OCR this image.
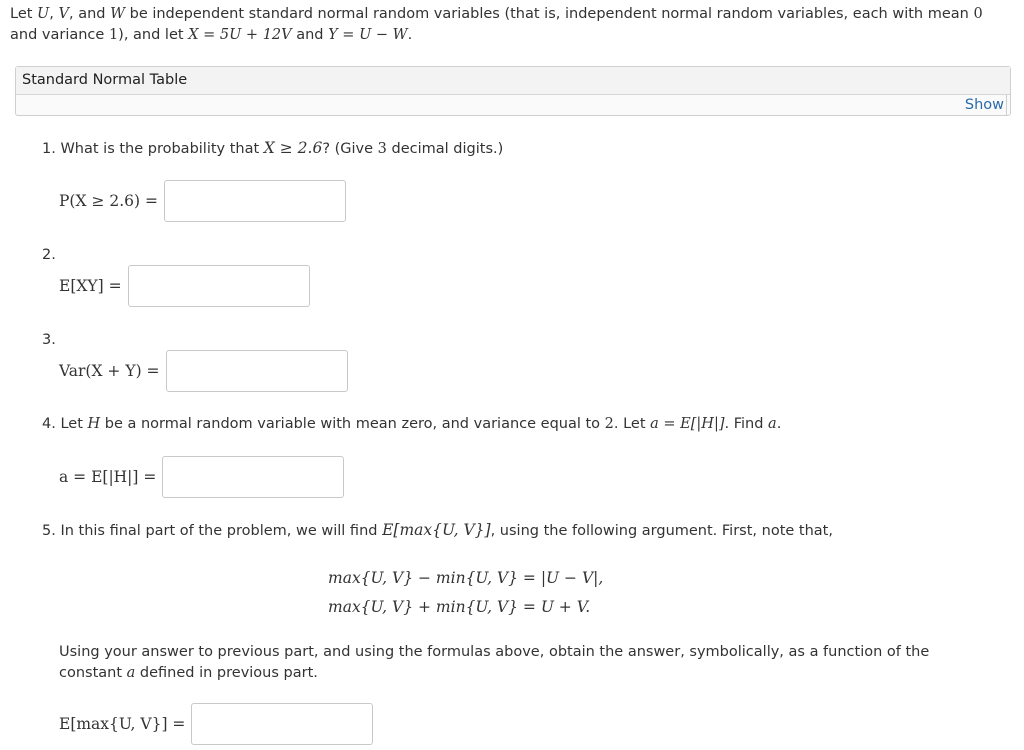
Let U, V, and W be independent standard normal random variables (that is, independent normal random variables, each with mean 0 and variance 1), and let X = 5U + 12V and Y = U − W.
Standard Normal Table
Show
1. What is the probability that X ≥ 2.6? (Give 3 decimal digits.)
P(X ≥ 2.6) =
2.
E[XY] =
3.
Var(X + Y) =
4. Let H be a normal random variable with mean zero, and variance equal to 2. Let a = E[|H|]. Find a.
a = E[|H|] =
5. In this final part of the problem, we will find E[max{U, V}], using the following argument. First, note that,
max{U, V} − min{U, V} = |U − V|,
max{U, V} + min{U, V} = U + V.
Using your answer to previous part, and using the formulas above, obtain the answer, symbolically, as a function of the constant a defined in previous part.
E[max{U, V}] =
